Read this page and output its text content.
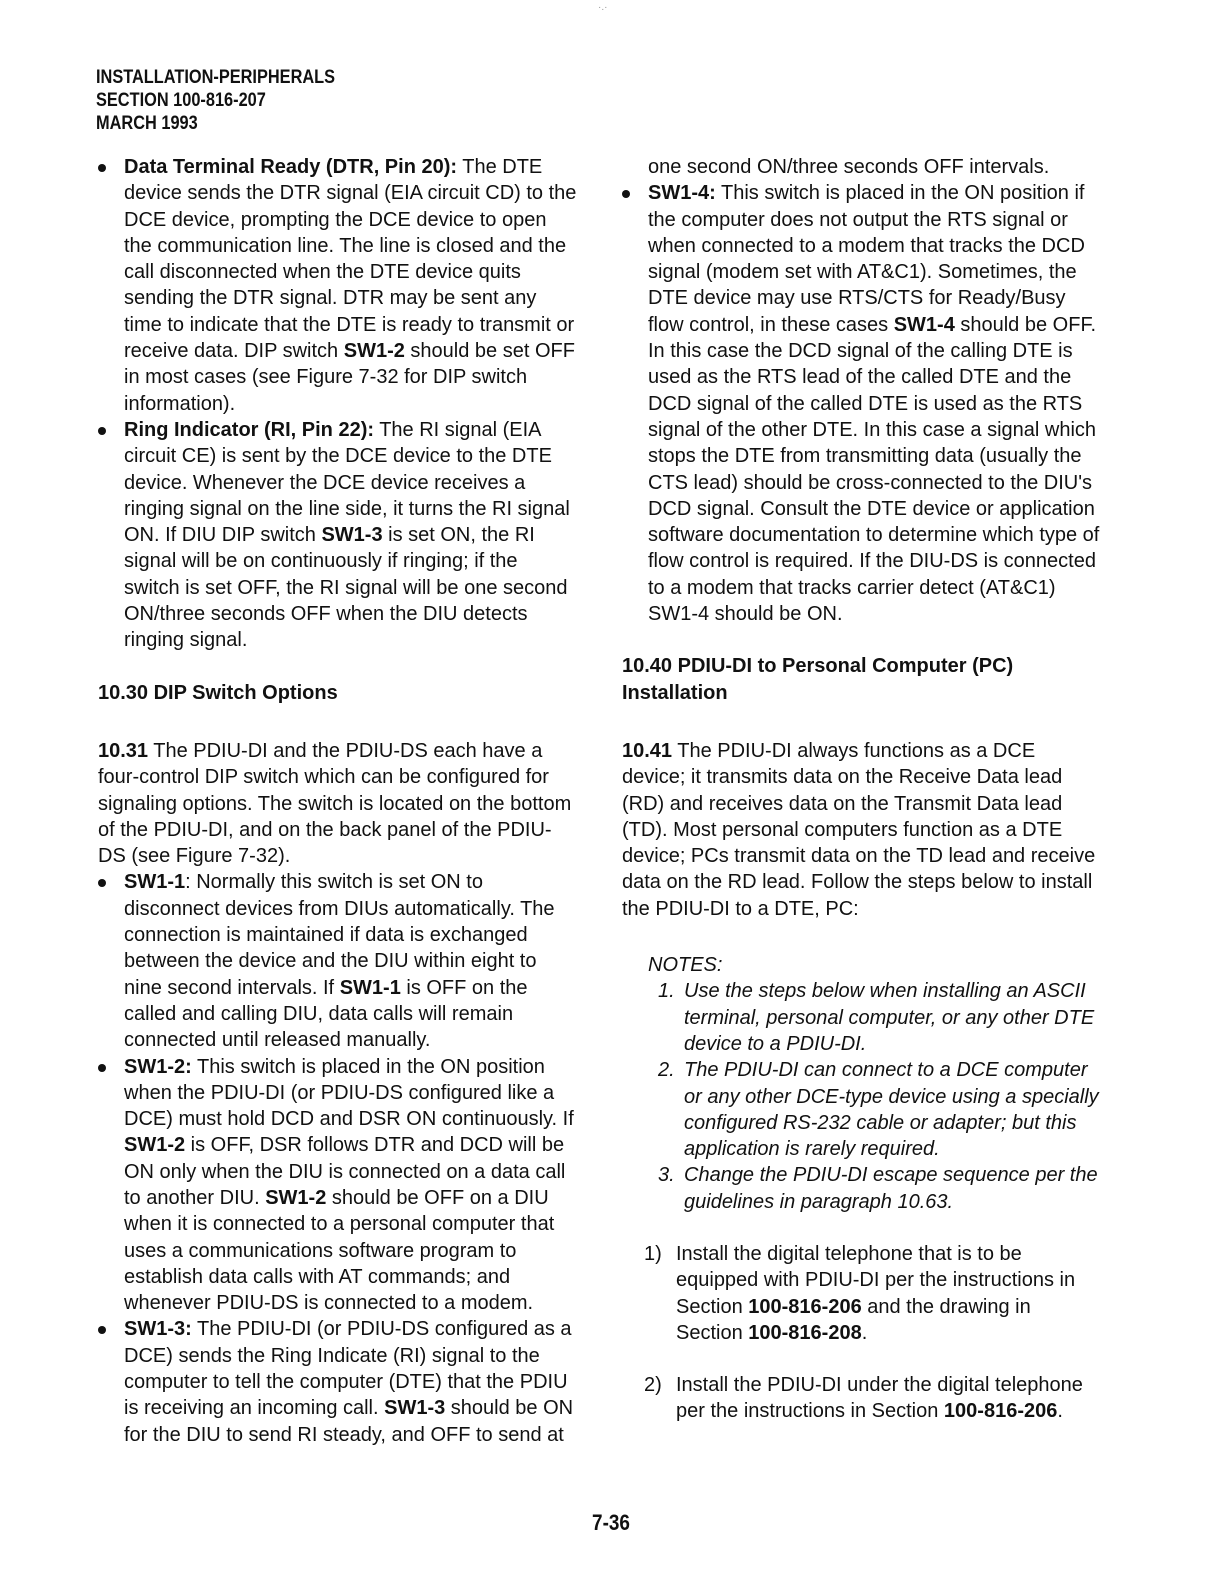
·.·
INSTALLATION-PERIPHERALS
SECTION 100-816-207
MARCH 1993
Data Terminal Ready (DTR, Pin 20): The DTE device sends the DTR signal (EIA circuit CD) to the DCE device, prompting the DCE device to open the communication line. The line is closed and the call disconnected when the DTE device quits sending the DTR signal. DTR may be sent any time to indicate that the DTE is ready to transmit or receive data. DIP switch SW1-2 should be set OFF in most cases (see Figure 7-32 for DIP switch information).
Ring Indicator (RI, Pin 22): The RI signal (EIA circuit CE) is sent by the DCE device to the DTE device. Whenever the DCE device receives a ringing signal on the line side, it turns the RI signal ON. If DIU DIP switch SW1-3 is set ON, the RI signal will be on continuously if ringing; if the switch is set OFF, the RI signal will be one second ON/three seconds OFF when the DIU detects ringing signal.
10.30 DIP Switch Options

10.31 The PDIU-DI and the PDIU-DS each have a four-control DIP switch which can be configured for signaling options. The switch is located on the bottom of the PDIU-DI, and on the back panel of the PDIU-DS (see Figure 7-32).

SW1-1: Normally this switch is set ON to disconnect devices from DIUs automatically. The connection is maintained if data is exchanged between the device and the DIU within eight to nine second intervals. If SW1-1 is OFF on the called and calling DIU, data calls will remain connected until released manually.
SW1-2: This switch is placed in the ON position when the PDIU-DI (or PDIU-DS configured like a DCE) must hold DCD and DSR ON continuously. If SW1-2 is OFF, DSR follows DTR and DCD will be ON only when the DIU is connected on a data call to another DIU. SW1-2 should be OFF on a DIU when it is connected to a personal computer that uses a communications software program to establish data calls with AT commands; and whenever PDIU-DS is connected to a modem.
SW1-3: The PDIU-DI (or PDIU-DS configured as a DCE) sends the Ring Indicate (RI) signal to the computer to tell the computer (DTE) that the PDIU is receiving an incoming call. SW1-3 should be ON for the DIU to send RI steady, and OFF to send at

one second ON/three seconds OFF intervals.

SW1-4: This switch is placed in the ON position if the computer does not output the RTS signal or when connected to a modem that tracks the DCD signal (modem set with AT&C1). Sometimes, the DTE device may use RTS/CTS for Ready/Busy flow control, in these cases SW1-4 should be OFF. In this case the DCD signal of the calling DTE is used as the RTS lead of the called DTE and the DCD signal of the called DTE is used as the RTS signal of the other DTE. In this case a signal which stops the DTE from transmitting data (usually the CTS lead) should be cross-connected to the DIU's DCD signal. Consult the DTE device or application software documentation to determine which type of flow control is required. If the DIU-DS is connected to a modem that tracks carrier detect (AT&C1) SW1-4 should be ON.
10.40 PDIU-DI to Personal Computer (PC) Installation

10.41 The PDIU-DI always functions as a DCE device; it transmits data on the Receive Data lead (RD) and receives data on the Transmit Data lead (TD). Most personal computers function as a DTE device; PCs transmit data on the TD lead and receive data on the RD lead. Follow the steps below to install the PDIU-DI to a DTE, PC:

NOTES:
1. Use the steps below when installing an ASCII terminal, personal computer, or any other DTE device to a PDIU-DI.
2. The PDIU-DI can connect to a DCE computer or any other DCE-type device using a specially configured RS-232 cable or adapter; but this application is rarely required.
3. Change the PDIU-DI escape sequence per the guidelines in paragraph 10.63.
1) Install the digital telephone that is to be equipped with PDIU-DI per the instructions in Section 100-816-206 and the drawing in Section 100-816-208.
2) Install the PDIU-DI under the digital telephone per the instructions in Section 100-816-206.
7-36
